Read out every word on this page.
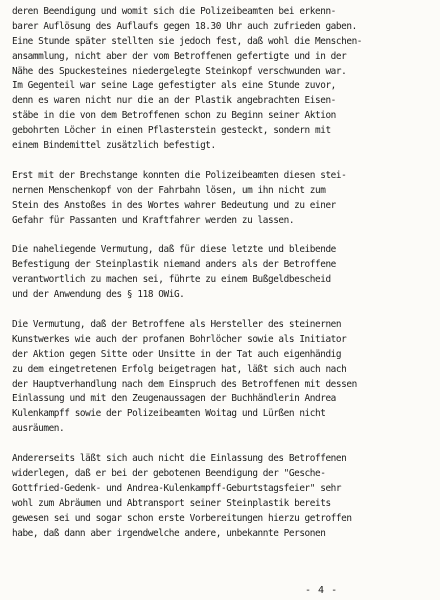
deren Beendigung und womit sich die Polizeibeamten bei erkenn-
barer Auflösung des Auflaufs gegen 18.30 Uhr auch zufrieden gaben.
Eine Stunde später stellten sie jedoch fest, daß wohl die Menschen-
ansammlung, nicht aber der vom Betroffenen gefertigte und in der
Nähe des Spuckesteines niedergelegte Steinkopf verschwunden war.
Im Gegenteil war seine Lage gefestigter als eine Stunde zuvor,
denn es waren nicht nur die an der Plastik angebrachten Eisen-
stäbe in die von dem Betroffenen schon zu Beginn seiner Aktion
gebohrten Löcher in einen Pflasterstein gesteckt, sondern mit
einem Bindemittel zusätzlich befestigt.
Erst mit der Brechstange konnten die Polizeibeamten diesen stei-
nernen Menschenkopf von der Fahrbahn lösen, um ihn nicht zum
Stein des Anstoßes in des Wortes wahrer Bedeutung und zu einer
Gefahr für Passanten und Kraftfahrer werden zu lassen.
Die naheliegende Vermutung, daß für diese letzte und bleibende
Befestigung der Steinplastik niemand anders als der Betroffene
verantwortlich zu machen sei, führte zu einem Bußgeldbescheid
und der Anwendung des § 118 OWiG.
Die Vermutung, daß der Betroffene als Hersteller des steinernen
Kunstwerkes wie auch der profanen Bohrlöcher sowie als Initiator
der Aktion gegen Sitte oder Unsitte in der Tat auch eigenhändig
zu dem eingetretenen Erfolg beigetragen hat, läßt sich auch nach
der Hauptverhandlung nach dem Einspruch des Betroffenen mit dessen
Einlassung und mit den Zeugenaussagen der Buchhändlerin Andrea
Kulenkampff sowie der Polizeibeamten Woitag und Lürßen nicht
ausräumen.
Andererseits läßt sich auch nicht die Einlassung des Betroffenen
widerlegen, daß er bei der gebotenen Beendigung der "Gesche-
Gottfried-Gedenk- und Andrea-Kulenkampff-Geburtstagsfeier" sehr
wohl zum Abräumen und Abtransport seiner Steinplastik bereits
gewesen sei und sogar schon erste Vorbereitungen hierzu getroffen
habe, daß dann aber irgendwelche andere, unbekannte Personen
- 4 -
